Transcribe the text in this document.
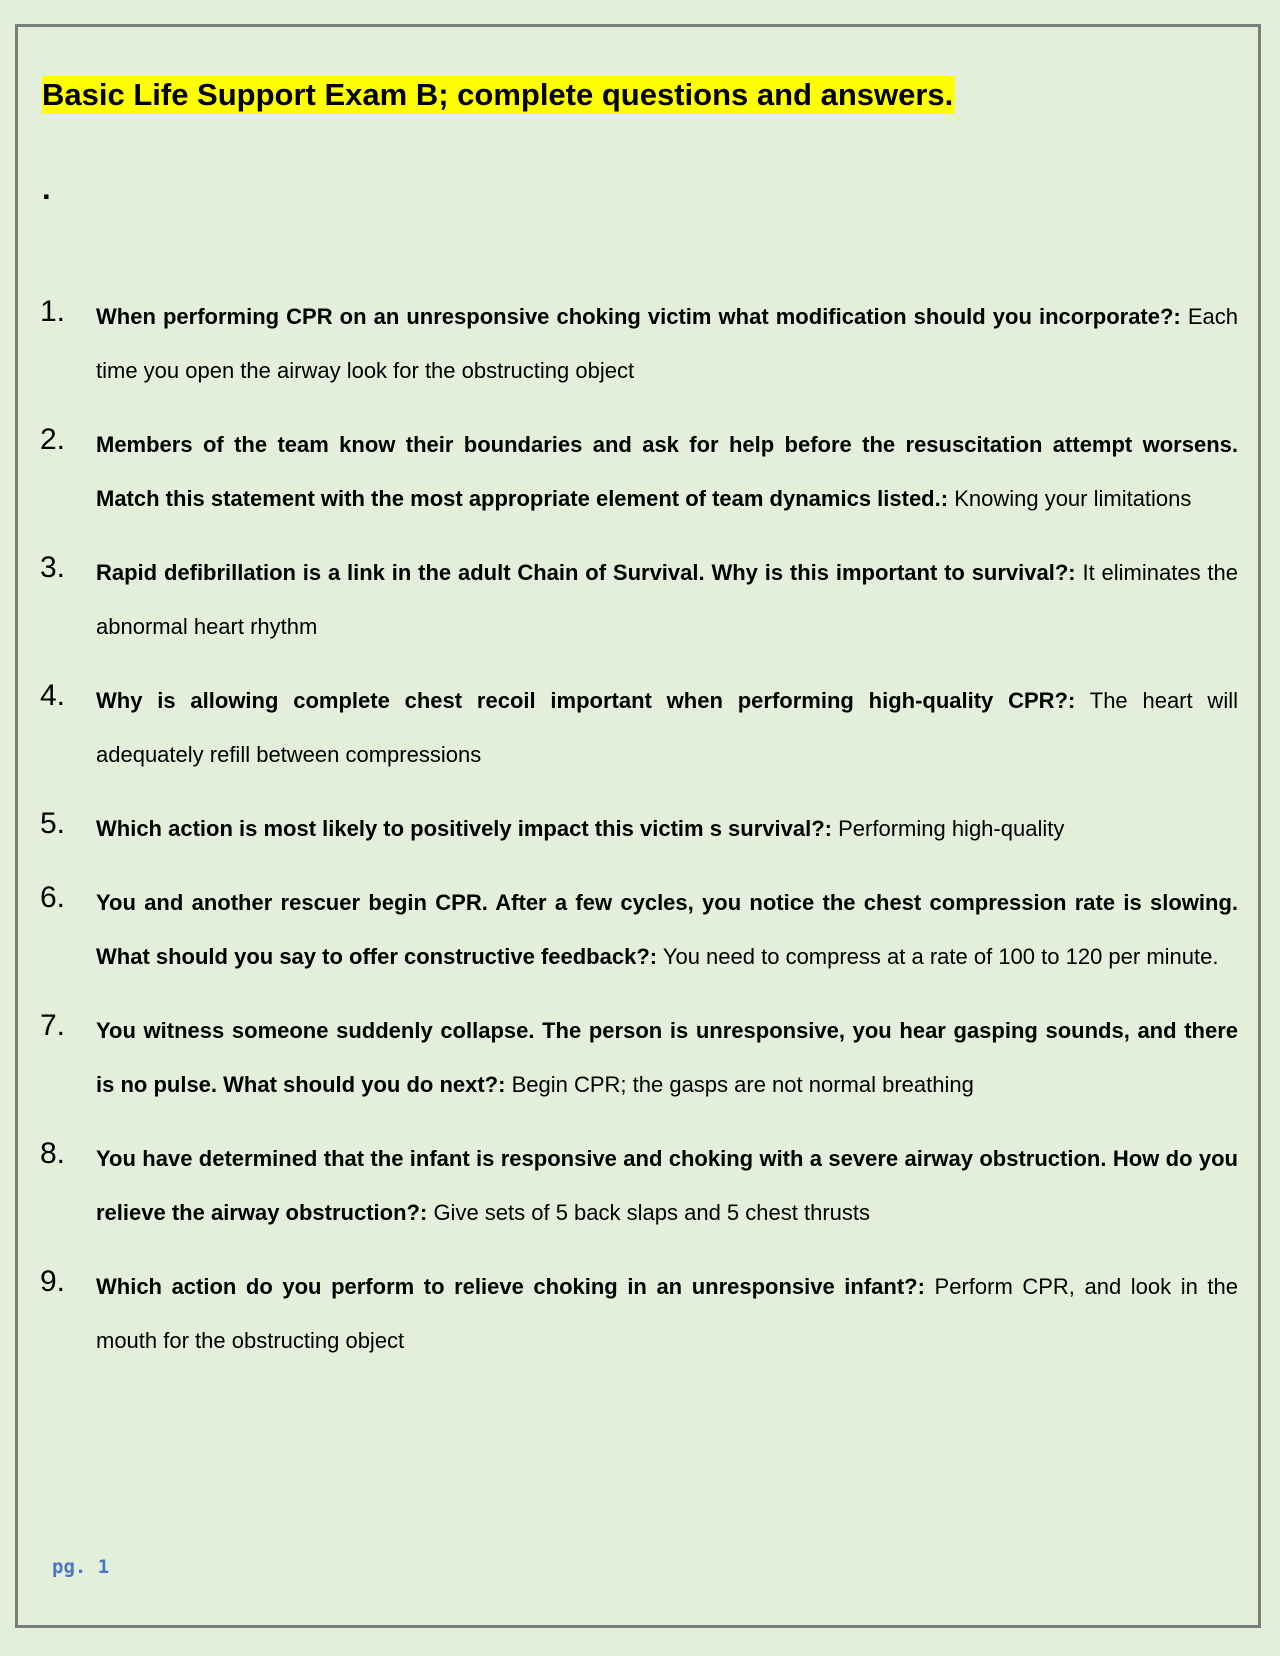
Basic Life Support Exam B; complete questions and answers.
.
1. When performing CPR on an unresponsive choking victim what modification should you incorporate?: Each time you open the airway look for the obstructing object

2. Members of the team know their boundaries and ask for help before the resuscitation attempt worsens. Match this statement with the most appropriate element of team dynamics listed.: Knowing your limitations

3. Rapid defibrillation is a link in the adult Chain of Survival. Why is this important to survival?: It eliminates the abnormal heart rhythm

4. Why is allowing complete chest recoil important when performing high-quality CPR?: The heart will adequately refill between compressions

5. Which action is most likely to positively impact this victim s survival?: Performing high-quality

6. You and another rescuer begin CPR. After a few cycles, you notice the chest compression rate is slowing. What should you say to offer constructive feedback?: You need to compress at a rate of 100 to 120 per minute.

7. You witness someone suddenly collapse. The person is unresponsive, you hear gasping sounds, and there is no pulse. What should you do next?: Begin CPR; the gasps are not normal breathing

8. You have determined that the infant is responsive and choking with a severe airway obstruction. How do you relieve the airway obstruction?: Give sets of 5 back slaps and 5 chest thrusts

9. Which action do you perform to relieve choking in an unresponsive infant?: Perform CPR, and look in the mouth for the obstructing object

pg. 1
